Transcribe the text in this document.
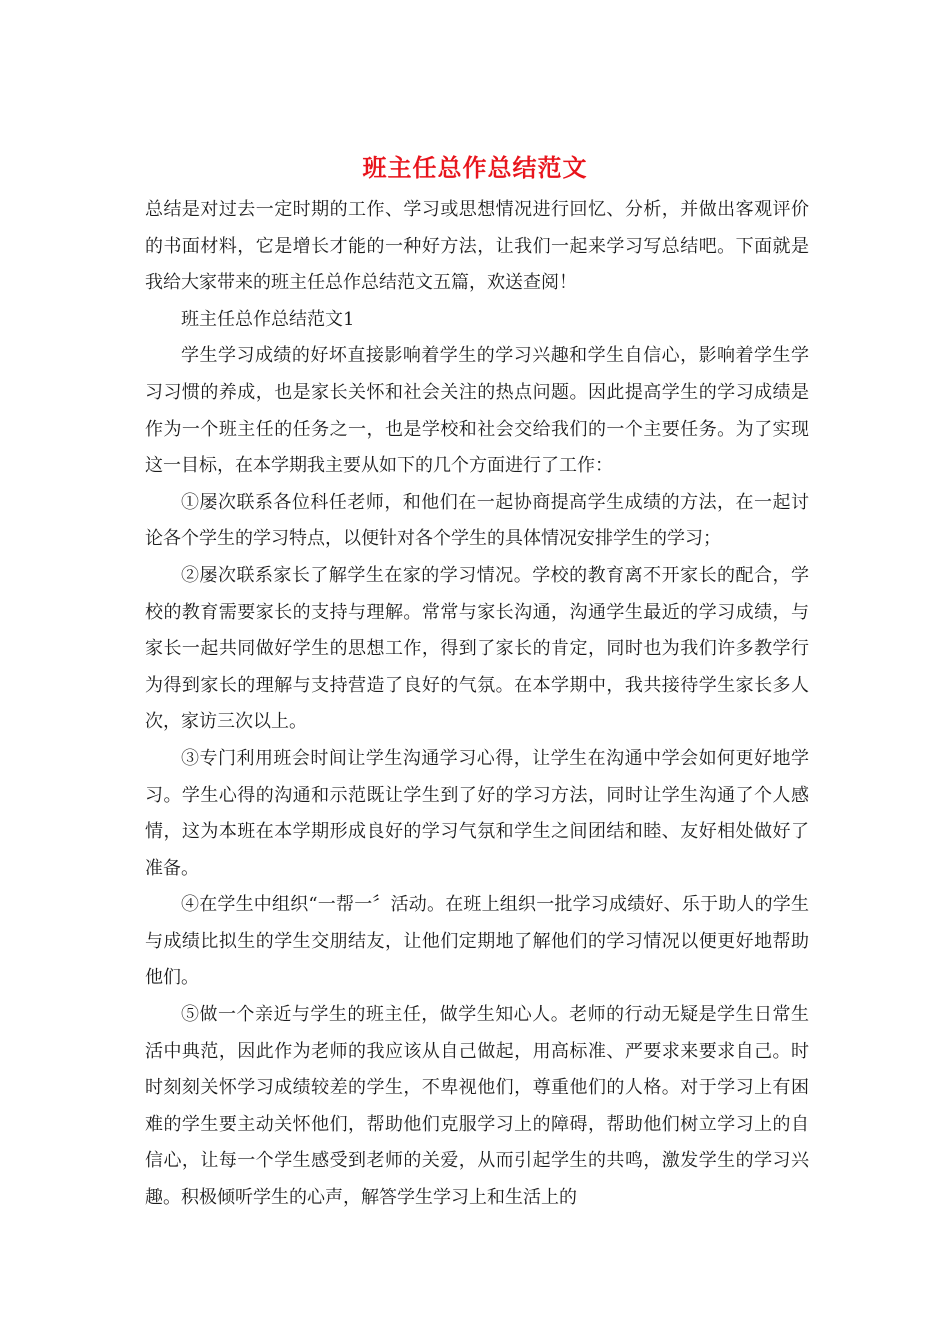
班主任总作总结范文

总结是对过去一定时期的工作、学习或思想情况进行回忆、分析，并做出客观评价的书面材料，它是增长才能的一种好方法，让我们一起来学习写总结吧。下面就是我给大家带来的班主任总作总结范文五篇，欢送查阅！

班主任总作总结范文1

学生学习成绩的好坏直接影响着学生的学习兴趣和学生自信心，影响着学生学习习惯的养成，也是家长关怀和社会关注的热点问题。因此提高学生的学习成绩是作为一个班主任的任务之一，也是学校和社会交给我们的一个主要任务。为了实现这一目标，在本学期我主要从如下的几个方面进行了工作：

①屡次联系各位科任老师，和他们在一起协商提高学生成绩的方法，在一起讨论各个学生的学习特点，以便针对各个学生的具体情况安排学生的学习；

②屡次联系家长了解学生在家的学习情况。学校的教育离不开家长的配合，学校的教育需要家长的支持与理解。常常与家长沟通，沟通学生最近的学习成绩，与家长一起共同做好学生的思想工作，得到了家长的肯定，同时也为我们许多教学行为得到家长的理解与支持营造了良好的气氛。在本学期中，我共接待学生家长多人次，家访三次以上。

③专门利用班会时间让学生沟通学习心得，让学生在沟通中学会如何更好地学习。学生心得的沟通和示范既让学生到了好的学习方法，同时让学生沟通了个人感情，这为本班在本学期形成良好的学习气氛和学生之间团结和睦、友好相处做好了准备。

④在学生中组织“一帮一〞活动。在班上组织一批学习成绩好、乐于助人的学生与成绩比拟生的学生交朋结友，让他们定期地了解他们的学习情况以便更好地帮助他们。

⑤做一个亲近与学生的班主任，做学生知心人。老师的行动无疑是学生日常生活中典范，因此作为老师的我应该从自己做起，用高标准、严要求来要求自己。时时刻刻关怀学习成绩较差的学生，不卑视他们，尊重他们的人格。对于学习上有困难的学生要主动关怀他们，帮助他们克服学习上的障碍，帮助他们树立学习上的自信心，让每一个学生感受到老师的关爱，从而引起学生的共鸣，激发学生的学习兴趣。积极倾听学生的心声，解答学生学习上和生活上的
